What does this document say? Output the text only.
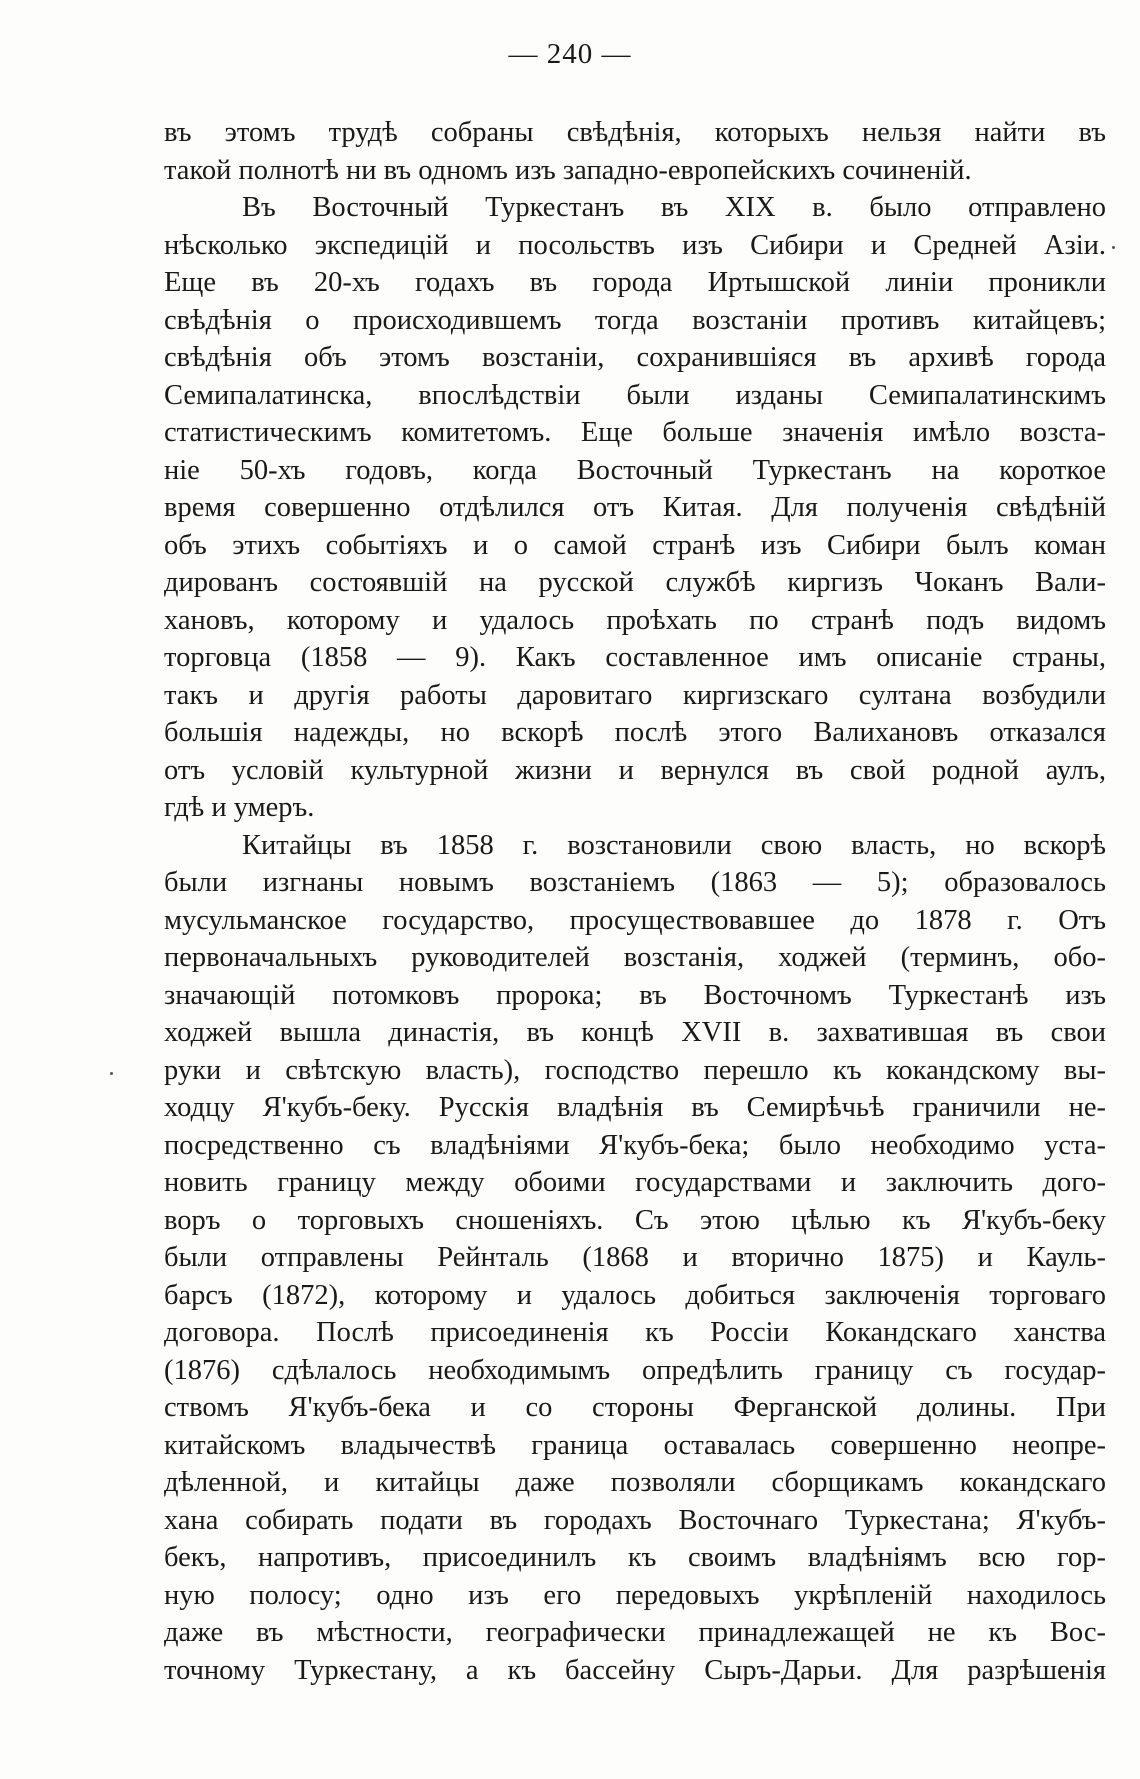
— 240 —
въ этомъ трудѣ собраны свѣдѣнія, которыхъ нельзя найти въ
такой полнотѣ ни въ одномъ изъ западно-европейскихъ сочиненій.
Въ Восточный Туркестанъ въ XIX в. было отправлено
нѣсколько экспедицій и посольствъ изъ Сибири и Средней Азіи.
Еще въ 20-хъ годахъ въ города Иртышской линіи проникли
свѣдѣнія о происходившемъ тогда возстаніи противъ китайцевъ;
свѣдѣнія объ этомъ возстаніи, сохранившіяся въ архивѣ города
Семипалатинска, впослѣдствіи были изданы Семипалатинскимъ
статистическимъ комитетомъ. Еще больше значенія имѣло возста-
ніе 50-хъ годовъ, когда Восточный Туркестанъ на короткое
время совершенно отдѣлился отъ Китая. Для полученія свѣдѣній
объ этихъ событіяхъ и о самой странѣ изъ Сибири былъ коман
дированъ состоявшій на русской службѣ киргизъ Чоканъ Вали-
хановъ, которому и удалось проѣхать по странѣ подъ видомъ
торговца (1858 — 9). Какъ составленное имъ описаніе страны,
такъ и другія работы даровитаго киргизскаго султана возбудили
большія надежды, но вскорѣ послѣ этого Валихановъ отказался
отъ условій культурной жизни и вернулся въ свой родной аулъ,
гдѣ и умеръ.
Китайцы въ 1858 г. возстановили свою власть, но вскорѣ
были изгнаны новымъ возстаніемъ (1863 — 5); образовалось
мусульманское государство, просуществовавшее до 1878 г. Отъ
первоначальныхъ руководителей возстанія, ходжей (терминъ, обо-
значающій потомковъ пророка; въ Восточномъ Туркестанѣ изъ
ходжей вышла династія, въ концѣ XVII в. захватившая въ свои
руки и свѣтскую власть), господство перешло къ кокандскому вы-
ходцу Я'кубъ-беку. Русскія владѣнія въ Семирѣчьѣ граничили не-
посредственно съ владѣніями Я'кубъ-бека; было необходимо уста-
новить границу между обоими государствами и заключить дого-
воръ о торговыхъ сношеніяхъ. Съ этою цѣлью къ Я'кубъ-беку
были отправлены Рейнталь (1868 и вторично 1875) и Кауль-
барсъ (1872), которому и удалось добиться заключенія торговаго
договора. Послѣ присоединенія къ Россіи Кокандскаго ханства
(1876) сдѣлалось необходимымъ опредѣлить границу съ государ-
ствомъ Я'кубъ-бека и со стороны Ферганской долины. При
китайскомъ владычествѣ граница оставалась совершенно неопре-
дѣленной, и китайцы даже позволяли сборщикамъ кокандскаго
хана собирать подати въ городахъ Восточнаго Туркестана; Я'кубъ-
бекъ, напротивъ, присоединилъ къ своимъ владѣніямъ всю гор-
ную полосу; одно изъ его передовыхъ укрѣпленій находилось
даже въ мѣстности, географически принадлежащей не къ Вос-
точному Туркестану, а къ бассейну Сыръ-Дарьи. Для разрѣшенія
